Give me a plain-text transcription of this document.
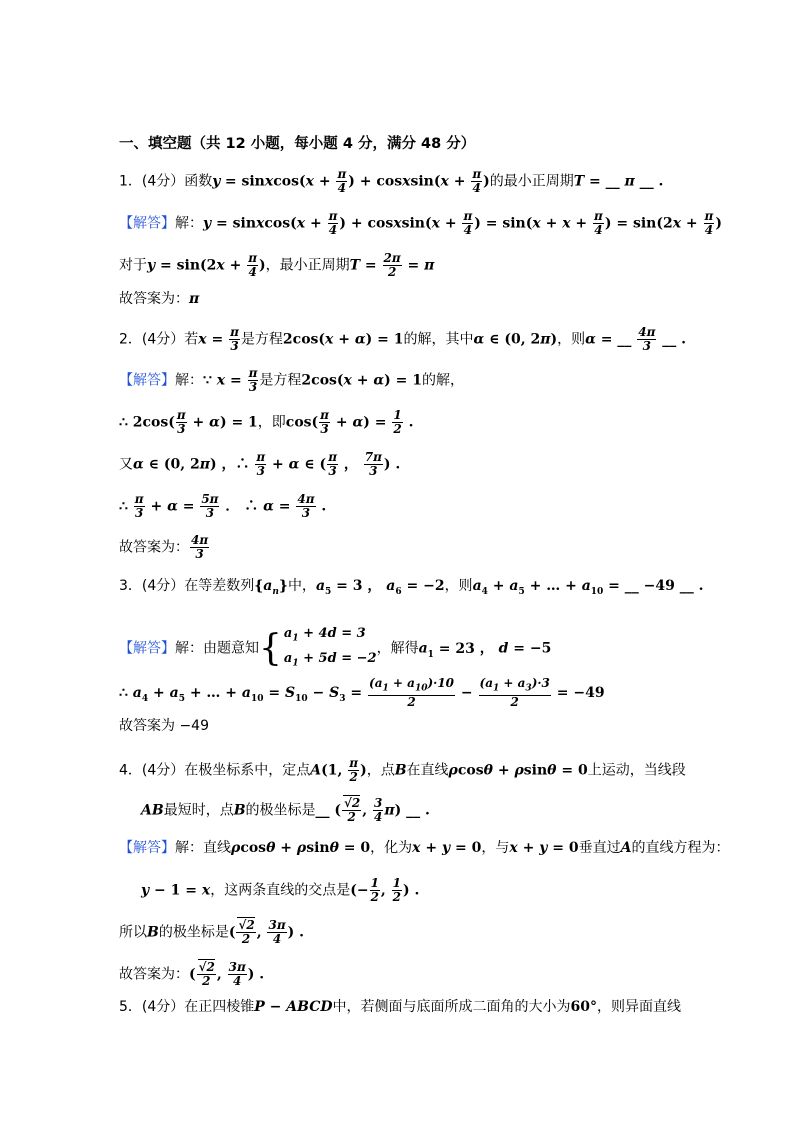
一、填空题（共 12 小题，每小题 4 分，满分 48 分）
1．(4分）函数y = sinxcos(x + $\frac{\pi}{4}$ ) + cosxsin(x + $\frac{\pi}{4}$ )的最小正周期T = __ π __ .
【解答】解：y = sinxcos(x + $\frac{\pi}{4}$ ) + cosxsin(x + $\frac{\pi}{4}$ ) = $\sin(x + x + \frac{\pi}{4}$ ) = $\sin(2x + \frac{\pi}{4}$ )
对于$y = \sin(2x + \frac{\pi}{4}$ )，最小正周期$T = \frac{2\pi}{2} = \pi$
故答案为：π
2．(4分）若$x = \frac{\pi}{3}$ 是方程2cos(x + α) = 1的解，其中α ∈ (0, 2π)，则α = __ $\frac{4\pi}{3}$ __ .
【解答】解：∵ $x = \frac{\pi}{3}$ 是方程2cos(x + α) = 1的解，
∴ $2\cos( \frac{\pi}{3} + \alpha) = 1$，即$\cos( \frac{\pi}{3} + \alpha) = \frac{1}{2}$ .
又α ∈ (0, 2π) ，∴ $\frac{\pi}{3} + \alpha$ ∈ ( $\frac{\pi}{3}$ ， $\frac{7\pi}{3}$ ) .
∴ $\frac{\pi}{3} + \alpha = \frac{5\pi}{3}$ ． ∴ $\alpha = \frac{4\pi}{3}$ .
故答案为： $\frac{4\pi}{3}$
3．(4分）在等差数列$\{a_n\}$中，$a_5 = 3$ ， $a_6 = -2$，则$a_4 + a_5$ + … + $a_{10}$ = __ −49 __ .
【解答】解：由题意知{ $a_1 + 4d = 3$
$a_1 + 5d = -2$
，解得$a_1 = 23$ ， d = −5
∴ $a_4 + a_5$ + … + $a_{10} = S_{10} - S_3 = \frac{(a_1 + a_{10})\cdot 10}{2} - \frac{(a_1 + a_3)\cdot 3}{2} = -49$
故答案为 −49
4．(4分）在极坐标系中，定点A(1, $\frac{\pi}{2}$ )，点B在直线ρcosθ + ρsinθ = 0上运动，当线段
AB最短时，点B的极坐标是__ ( $\frac{√2}{2}$ , $\frac{3}{4} \pi$) __ .
【解答】解：直线ρcosθ + ρsinθ = 0，化为x + y = 0，与x + y = 0垂直过A的直线方程为：
y − 1 = x，这两条直线的交点是(− $\frac{1}{2}$ , $\frac{1}{2}$ ) .
所以B的极坐标是( $\frac{√2}{2}$ , $\frac{3\pi}{4}$ ) .
故答案为：( $\frac{√2}{2}$ , $\frac{3\pi}{4}$ ) .
5．(4分）在正四棱锥P − ABCD中，若侧面与底面所成二面角的大小为60°，则异面直线
